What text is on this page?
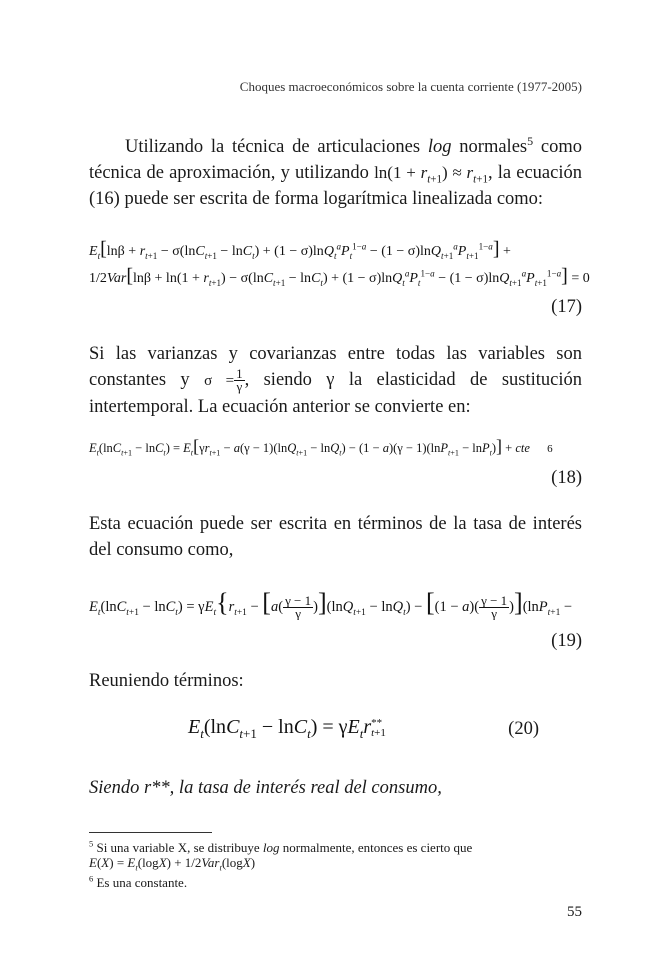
Choques macroeconómicos sobre la cuenta corriente (1977-2005)
Utilizando la técnica de articulaciones log normales$^5$ como técnica de aproximación, y utilizando $\ln(1 + r_{t+1}) \approx r_{t+1}$, la ecuación (16) puede ser escrita de forma logarítmica linealizada como:
$E_t[\ln\beta + r_{t+1} - \sigma(\ln C_{t+1} - \ln C_t) + (1 - \sigma)\ln Q_t^aP_t^{1-a} - (1 - \sigma)\ln Q_{t+1}^aP_{t+1}^{1-a}]$ +
$1/2Var[\ln\beta + \ln(1 + r_{t+1}) - \sigma(\ln C_{t+1} - \ln C_t) + (1 - \sigma)\ln Q_t^aP_t^{1-a} - (1 - \sigma)\ln Q_{t+1}^aP_{t+1}^{1-a}] = 0$
(17)
Si las varianzas y covarianzas entre todas las variables son constantes y $\sigma = \frac{1}{\gamma}$ , siendo γ la elasticidad de sustitución intertemporal. La ecuación anterior se convierte en:
$E_t(\ln C_{t+1} - \ln C_t) = E_t[\gamma r_{t+1} - a(\gamma - 1)(\ln Q_{t+1} - \ln Q_t) - (1 - a)(\gamma - 1)(\ln P_{t+1} - \ln P_t)]$ + cte 6
(18)
Esta ecuación puede ser escrita en términos de la tasa de interés del consumo como,
$E_t(\ln C_{t+1} - \ln C_t) = \gamma E_t\{r_{t+1} - [a( \frac{\gamma - 1}{\gamma} )](\ln Q_{t+1} - \ln Q_t) - [(1 - a)( \frac{\gamma - 1}{\gamma} )](\ln P_{t+1}$ −
(19)
Reuniendo términos:
$E_t(\ln C_{t+1} - \ln C_t) = \gamma E_tr$ **
t+1	(20)
Siendo r**, la tasa de interés real del consumo,
$^5$ Si una variable X, se distribuye log normalmente, entonces es cierto que
$E(X) = E_t(\log X) + 1/2Var_t(\log X)$
$^6$ Es una constante.
55
